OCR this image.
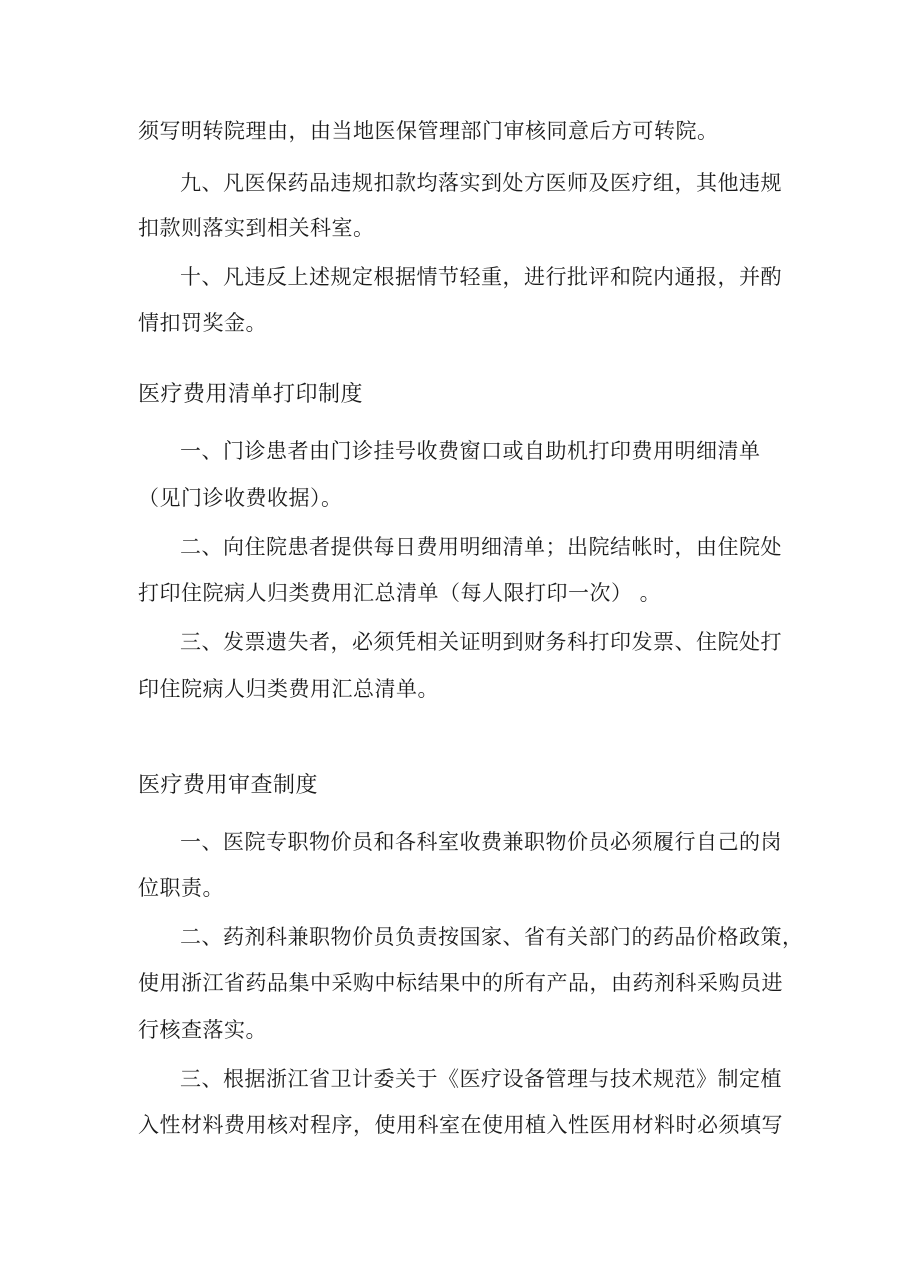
须写明转院理由，由当地医保管理部门审核同意后方可转院。
九、凡医保药品违规扣款均落实到处方医师及医疗组，其他违规
扣款则落实到相关科室。
十、凡违反上述规定根据情节轻重，进行批评和院内通报，并酌
情扣罚奖金。
医疗费用清单打印制度
一、门诊患者由门诊挂号收费窗口或自助机打印费用明细清单
（见门诊收费收据）。
二、向住院患者提供每日费用明细清单；出院结帐时，由住院处
打印住院病人归类费用汇总清单（每人限打印一次） 。
三、发票遗失者，必须凭相关证明到财务科打印发票、住院处打
印住院病人归类费用汇总清单。
医疗费用审查制度
一、医院专职物价员和各科室收费兼职物价员必须履行自己的岗
位职责。
二、药剂科兼职物价员负责按国家、省有关部门的药品价格政策，
使用浙江省药品集中采购中标结果中的所有产品，由药剂科采购员进
行核查落实。
三、根据浙江省卫计委关于《医疗设备管理与技术规范》制定植
入性材料费用核对程序，使用科室在使用植入性医用材料时必须填写
